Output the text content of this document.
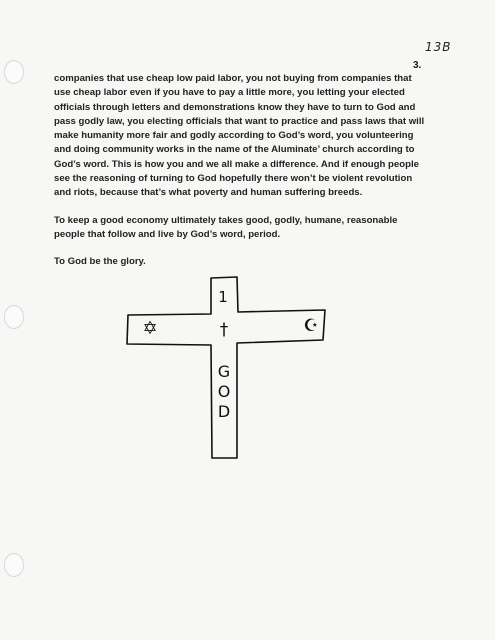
13B
3.

companies that use cheap low paid labor, you not buying from companies that use cheap labor even if you have to pay a little more, you letting your elected officials through letters and demonstrations know they have to turn to God and pass godly law, you electing officials that want to practice and pass laws that will make humanity more fair and godly according to God’s word, you volunteering and doing community works in the name of the Aluminate’ church according to God’s word. This is how you and we all make a difference. And if enough people see the reasoning of turning to God hopefully there won’t be violent revolution and riots, because that’s what poverty and human suffering breeds.

To keep a good economy ultimately takes good, godly, humane, reasonable people that follow and live by God’s word, period.

To God be the glory.

1
†
✡	☪
G
O
D
